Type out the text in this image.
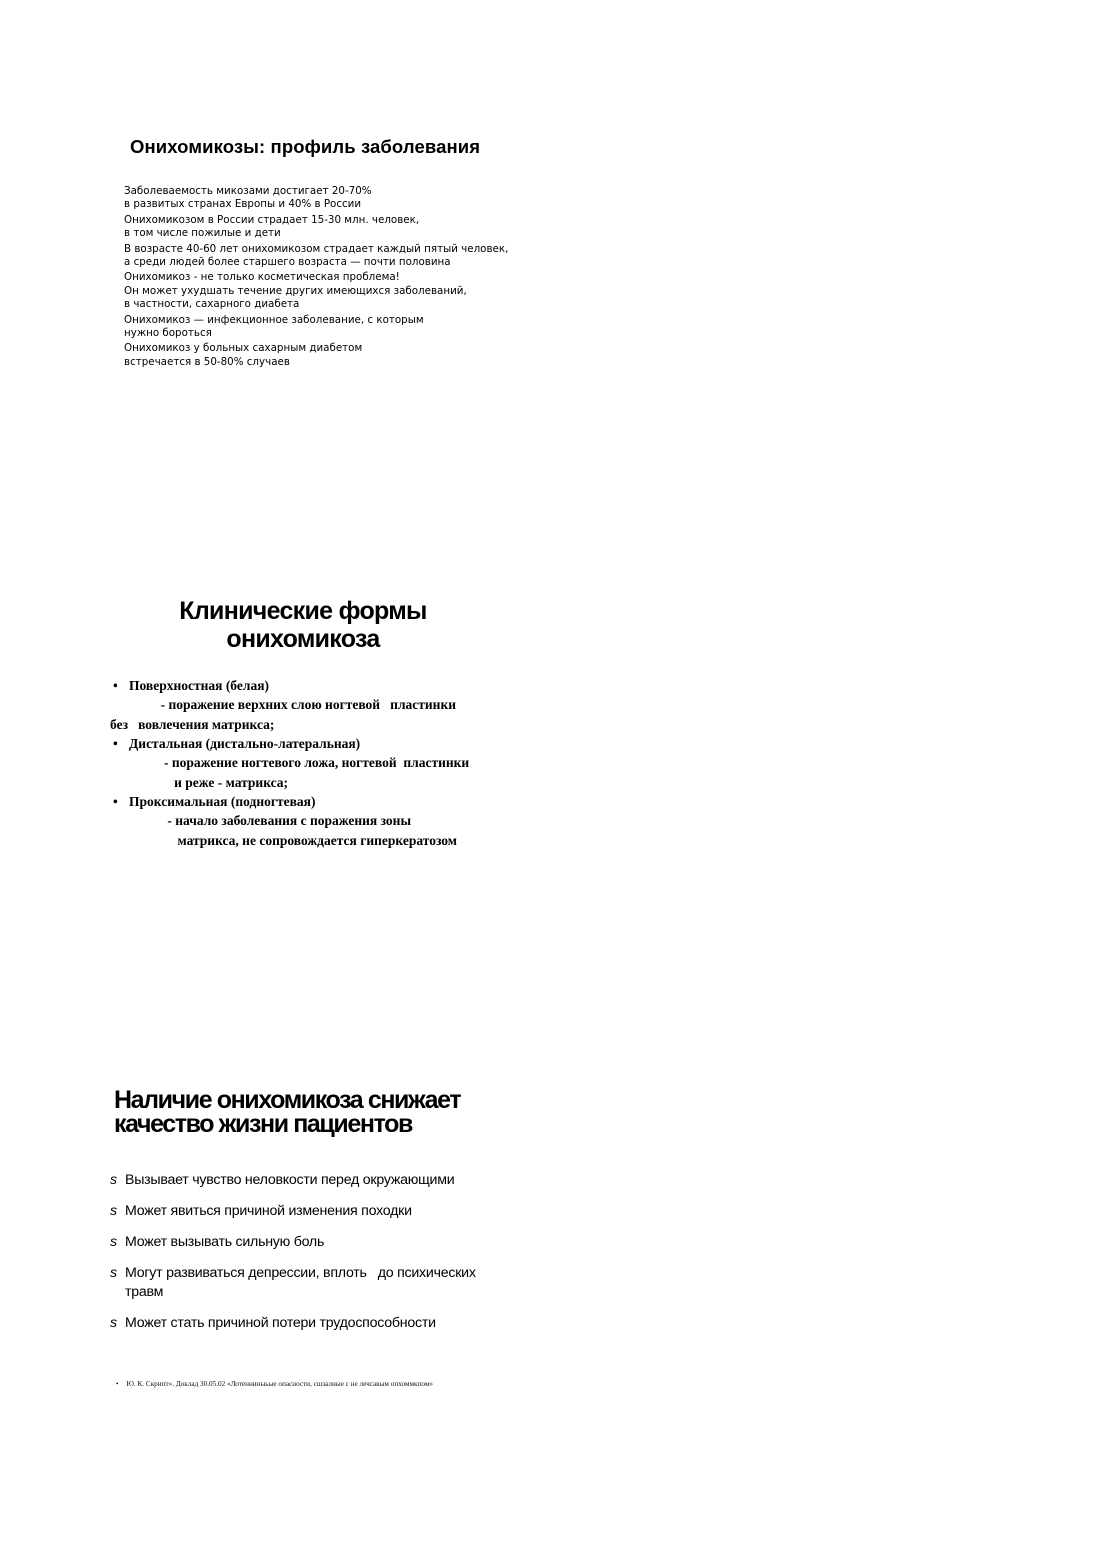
Онихомикозы: профиль заболевания
Заболеваемость микозами достигает 20-70%
в развитых странах Европы и 40% в России
Онихомикозом в России страдает 15-30 млн. человек,
в том числе пожилые и дети
В возрасте 40-60 лет онихомикозом страдает каждый пятый человек,
а среди людей более старшего возраста — почти половина
Онихомикоз - не только косметическая проблема!
Он может ухудшать течение других имеющихся заболеваний,
в частности, сахарного диабета
Онихомикоз — инфекционное заболевание, с которым
нужно бороться
Онихомикоз у больных сахарным диабетом
встречается в 50-80% случаев
Клинические формы
онихомикоза
• Поверхностная (белая)
- поражение верхних слою ногтевой   пластинки
без   вовлечения матрикса;
• Дистальная (дистально-латеральная)
- поражение ногтевого ложа, ногтевой  пластинки
и реже - матрикса;
• Проксимальная (подногтевая)
- начало заболевания с поражения зоны
матрикса, не сопровождается гиперкератозом
Наличие онихомикоза снижает
качество жизни пациентов
s Вызывает чувство неловкости перед окружающими
s Может явиться причиной изменения походки
s Может вызывать сильную боль
s Могут развиваться депрессии, вплоть   до психических
травм
s Может стать причиной потери трудоспособности
• Ю. К. Скрипт». Доклад 30.05.02 «Лотенниныьые опасности, сшзалные с не лечсавым опхоммкпом»
